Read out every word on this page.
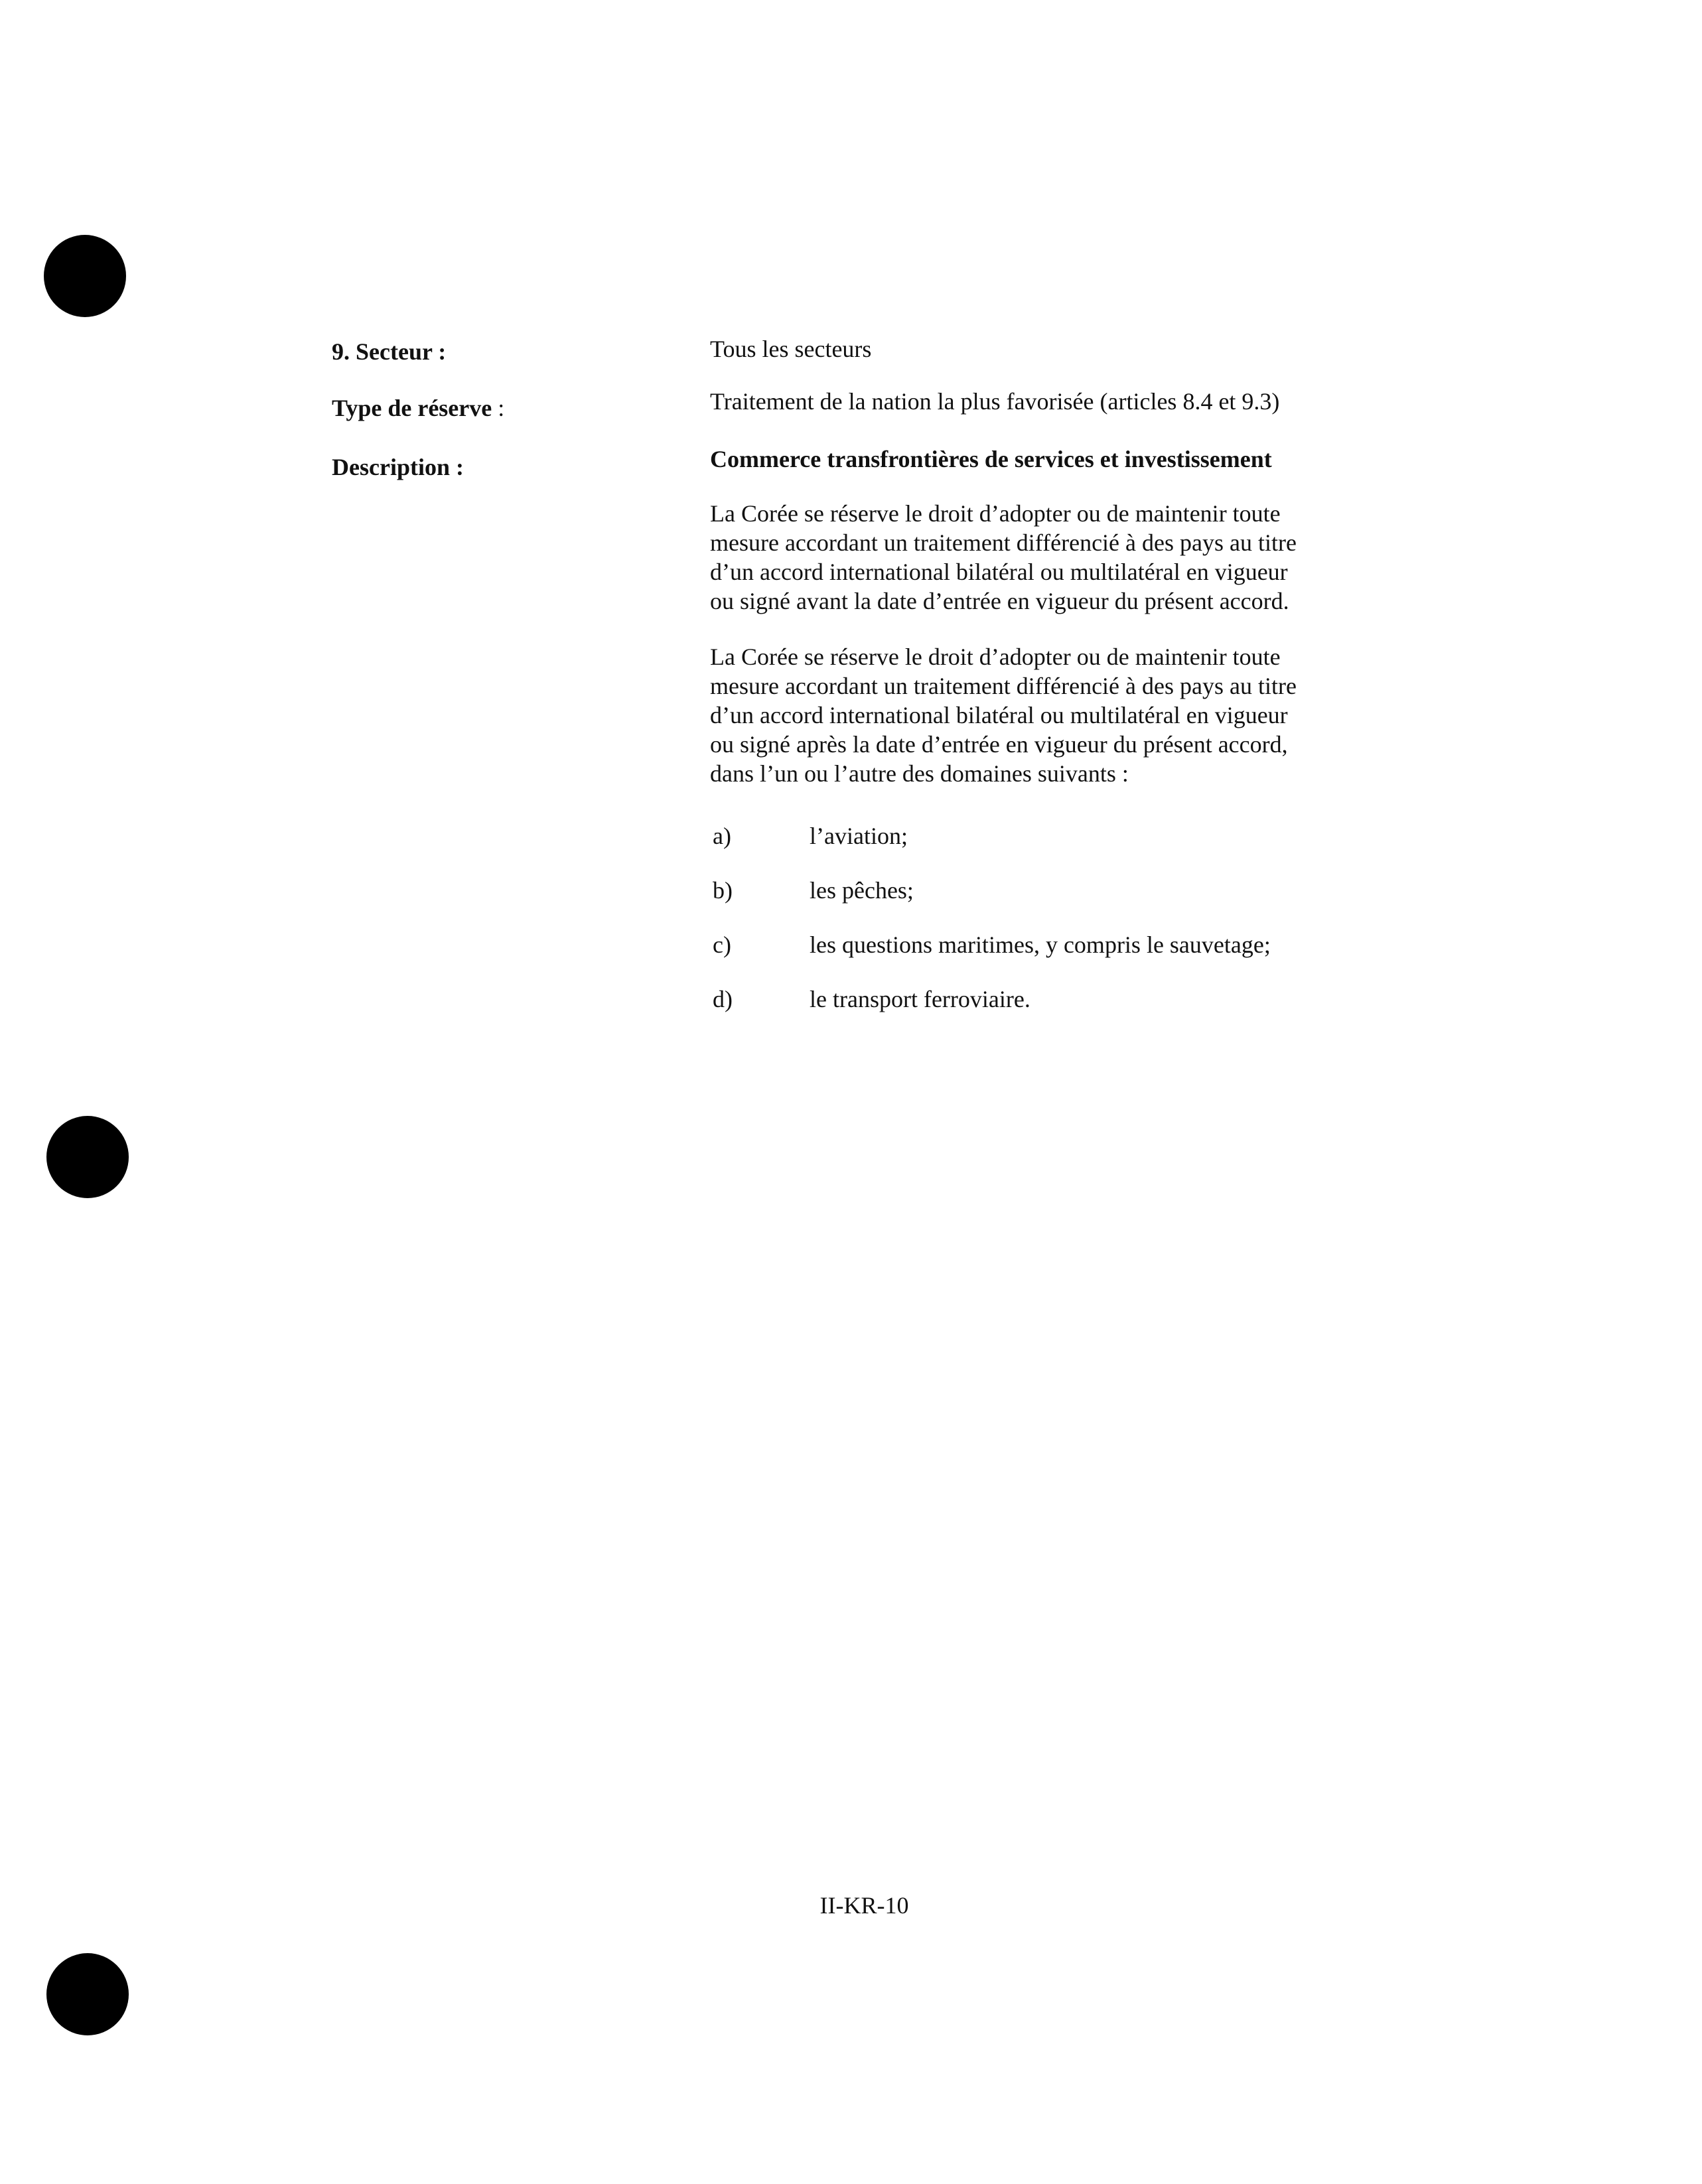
9. Secteur :	Tous les secteurs
Type de réserve :	Traitement de la nation la plus favorisée (articles 8.4 et 9.3)
Description :	Commerce transfrontières de services et investissement
La Corée se réserve le droit d’adopter ou de maintenir toute
mesure accordant un traitement différencié à des pays au titre
d’un accord international bilatéral ou multilatéral en vigueur
ou signé avant la date d’entrée en vigueur du présent accord.
La Corée se réserve le droit d’adopter ou de maintenir toute
mesure accordant un traitement différencié à des pays au titre
d’un accord international bilatéral ou multilatéral en vigueur
ou signé après la date d’entrée en vigueur du présent accord,
dans l’un ou l’autre des domaines suivants :
a)	l’aviation;
b)	les pêches;
c)	les questions maritimes, y compris le sauvetage;
d)	le transport ferroviaire.
II-KR-10
